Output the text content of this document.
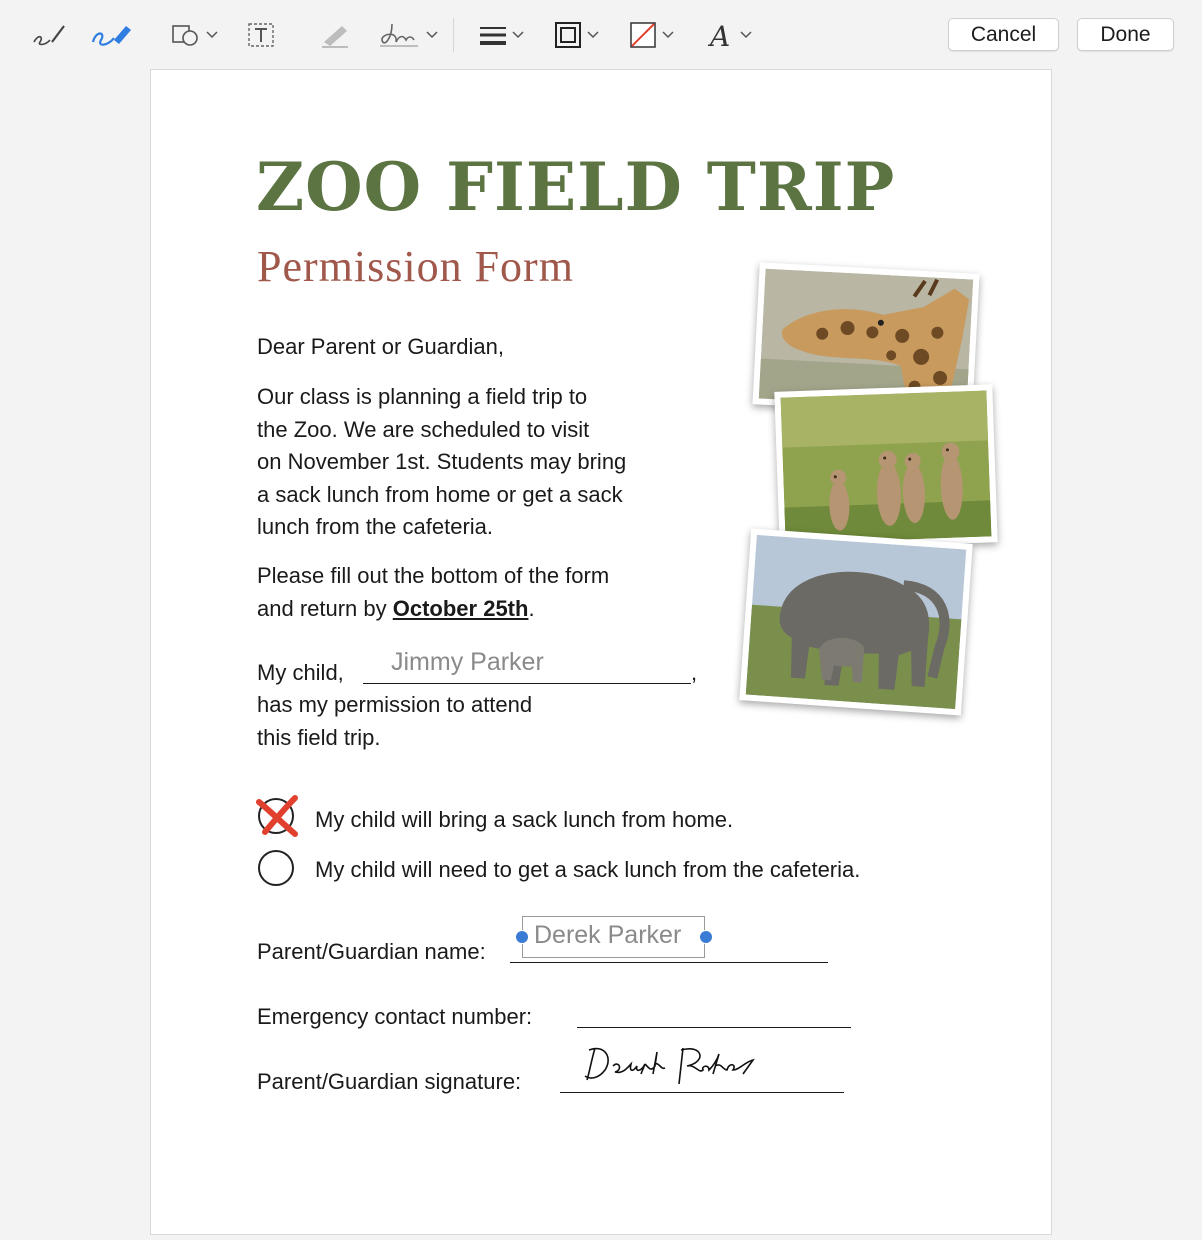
A	Cancel	Done
ZOO FIELD TRIP
Permission Form
Dear Parent or Guardian,
Our class is planning a field trip to
the Zoo. We are scheduled to visit
on November 1st. Students may bring
a sack lunch from home or get a sack
lunch from the cafeteria.
Please fill out the bottom of the form
and return by October 25th.
My child,	,
Jimmy Parker
has my permission to attend
this field trip.
My child will bring a sack lunch from home.
My child will need to get a sack lunch from the cafeteria.
Parent/Guardian name:
Derek Parker
Emergency contact number:
Parent/Guardian signature:
